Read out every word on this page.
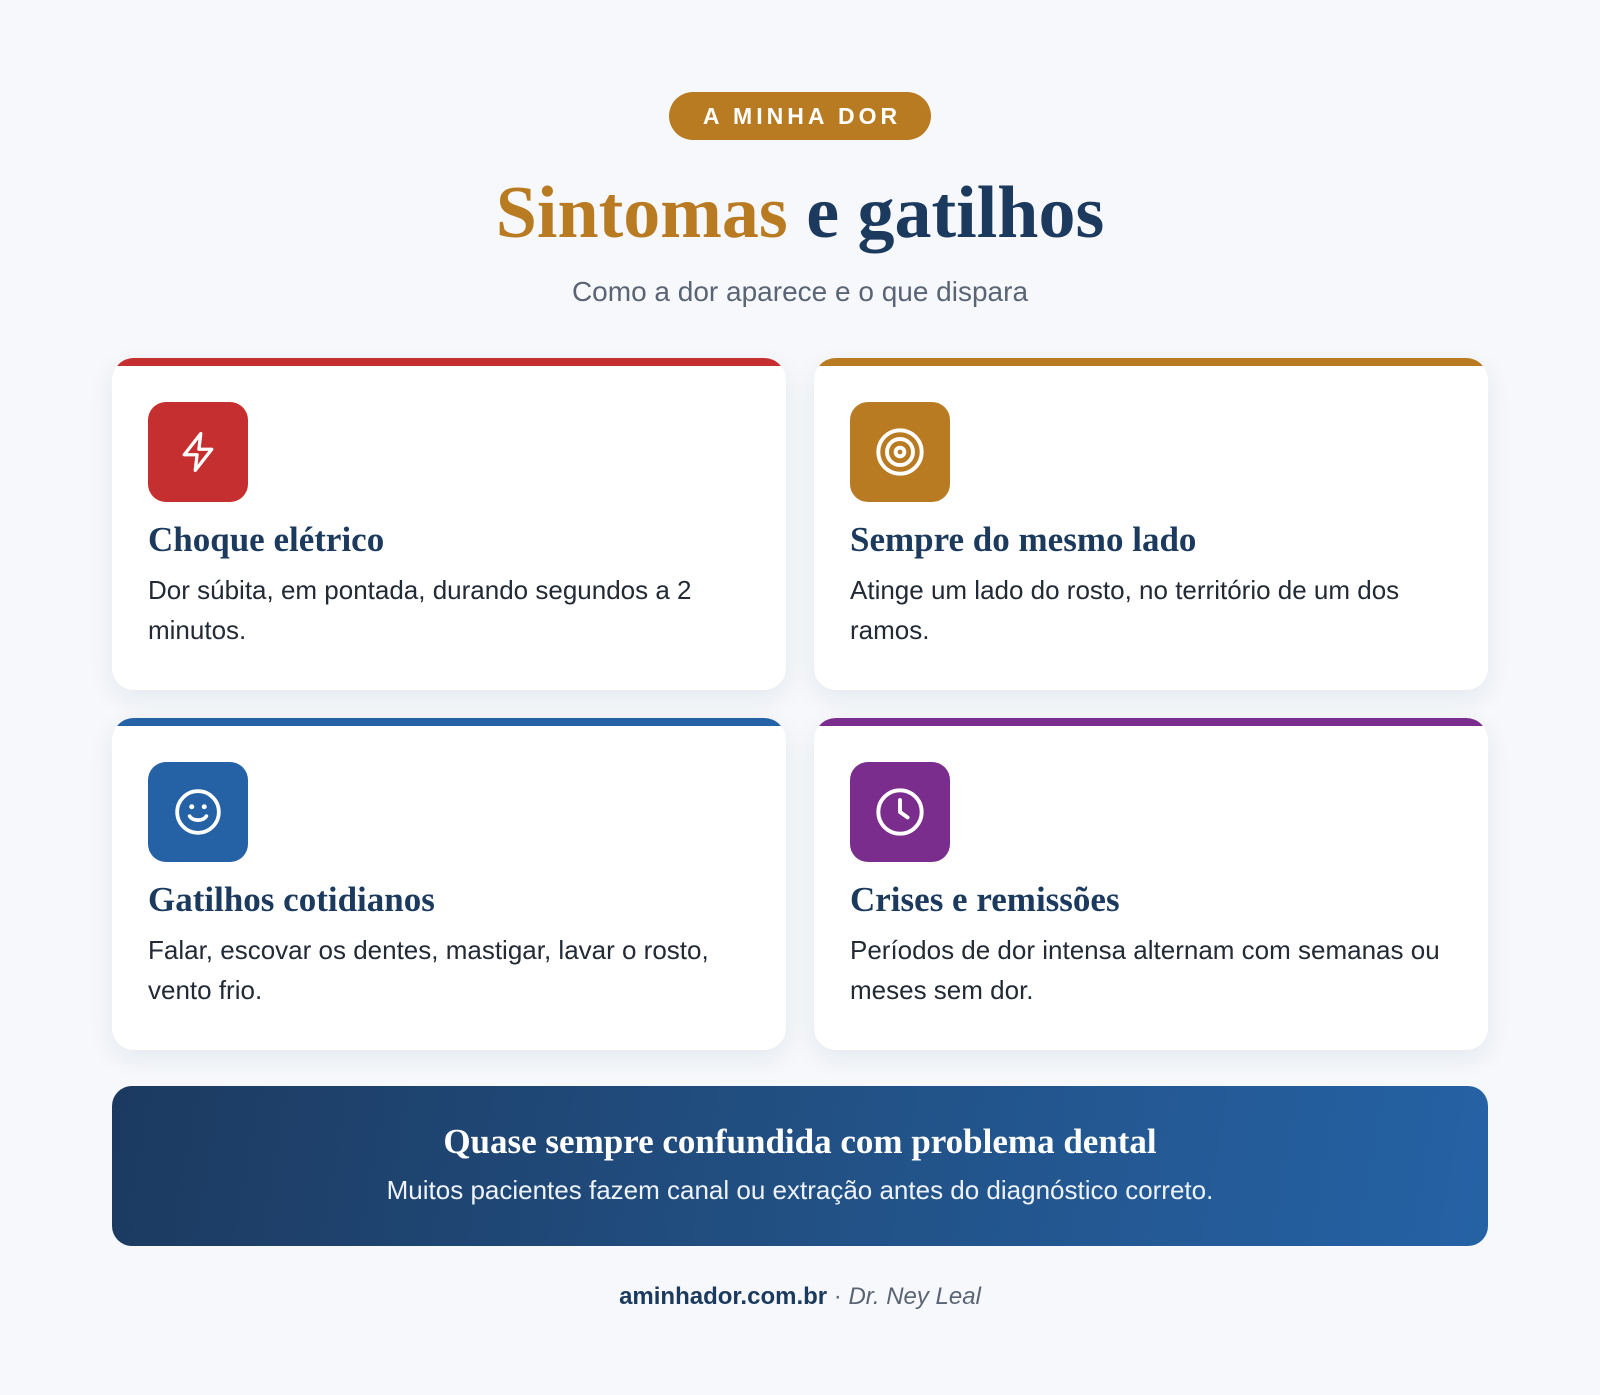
A MINHA DOR
Sintomas e gatilhos

Como a dor aparece e o que dispara

Choque elétrico

Dor súbita, em pontada, durando segundos a 2 minutos.

Sempre do mesmo lado

Atinge um lado do rosto, no território de um dos ramos.

Gatilhos cotidianos

Falar, escovar os dentes, mastigar, lavar o rosto, vento frio.

Crises e remissões

Períodos de dor intensa alternam com semanas ou meses sem dor.

Quase sempre confundida com problema dental

Muitos pacientes fazem canal ou extração antes do diagnóstico correto.

aminhador.com.br · Dr. Ney Leal
